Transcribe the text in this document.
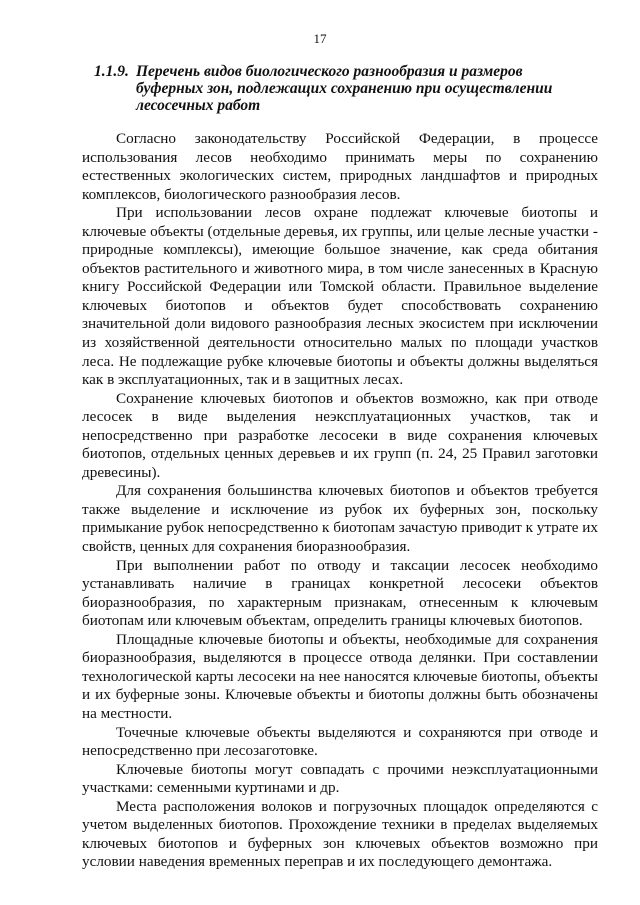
17
1.1.9. Перечень видов биологического разнообразия и размеров
буферных зон, подлежащих сохранению при осуществлении
лесосечных работ

Согласно законодательству Российской Федерации, в процессе использования лесов необходимо принимать меры по сохранению естественных экологических систем, природных ландшафтов и природных комплексов, биологического разнообразия лесов.

При использовании лесов охране подлежат ключевые биотопы и ключевые объекты (отдельные деревья, их группы, или целые лесные участки - природные комплексы), имеющие большое значение, как среда обитания объектов растительного и животного мира, в том числе занесенных в Красную книгу Российской Федерации или Томской области. Правильное выделение ключевых биотопов и объектов будет способствовать сохранению значительной доли видового разнообразия лесных экосистем при исключении из хозяйственной деятельности относительно малых по площади участков леса. Не подлежащие рубке ключевые биотопы и объекты должны выделяться как в эксплуатационных, так и в защитных лесах.

Сохранение ключевых биотопов и объектов возможно, как при отводе лесосек в виде выделения неэксплуатационных участков, так и непосредственно при разработке лесосеки в виде сохранения ключевых биотопов, отдельных ценных деревьев и их групп (п. 24, 25 Правил заготовки древесины).

Для сохранения большинства ключевых биотопов и объектов требуется также выделение и исключение из рубок их буферных зон, поскольку примыкание рубок непосредственно к биотопам зачастую приводит к утрате их свойств, ценных для сохранения биоразнообразия.

При выполнении работ по отводу и таксации лесосек необходимо устанавливать наличие в границах конкретной лесосеки объектов биоразнообразия, по характерным признакам, отнесенным к ключевым биотопам или ключевым объектам, определить границы ключевых биотопов.

Площадные ключевые биотопы и объекты, необходимые для сохранения биоразнообразия, выделяются в процессе отвода делянки. При составлении технологической карты лесосеки на нее наносятся ключевые биотопы, объекты и их буферные зоны. Ключевые объекты и биотопы должны быть обозначены на местности.

Точечные ключевые объекты выделяются и сохраняются при отводе и непосредственно при лесозаготовке.

Ключевые биотопы могут совпадать с прочими неэксплуатационными участками: семенными куртинами и др.

Места расположения волоков и погрузочных площадок определяются с учетом выделенных биотопов. Прохождение техники в пределах выделяемых ключевых биотопов и буферных зон ключевых объектов возможно при условии наведения временных переправ и их последующего демонтажа.
